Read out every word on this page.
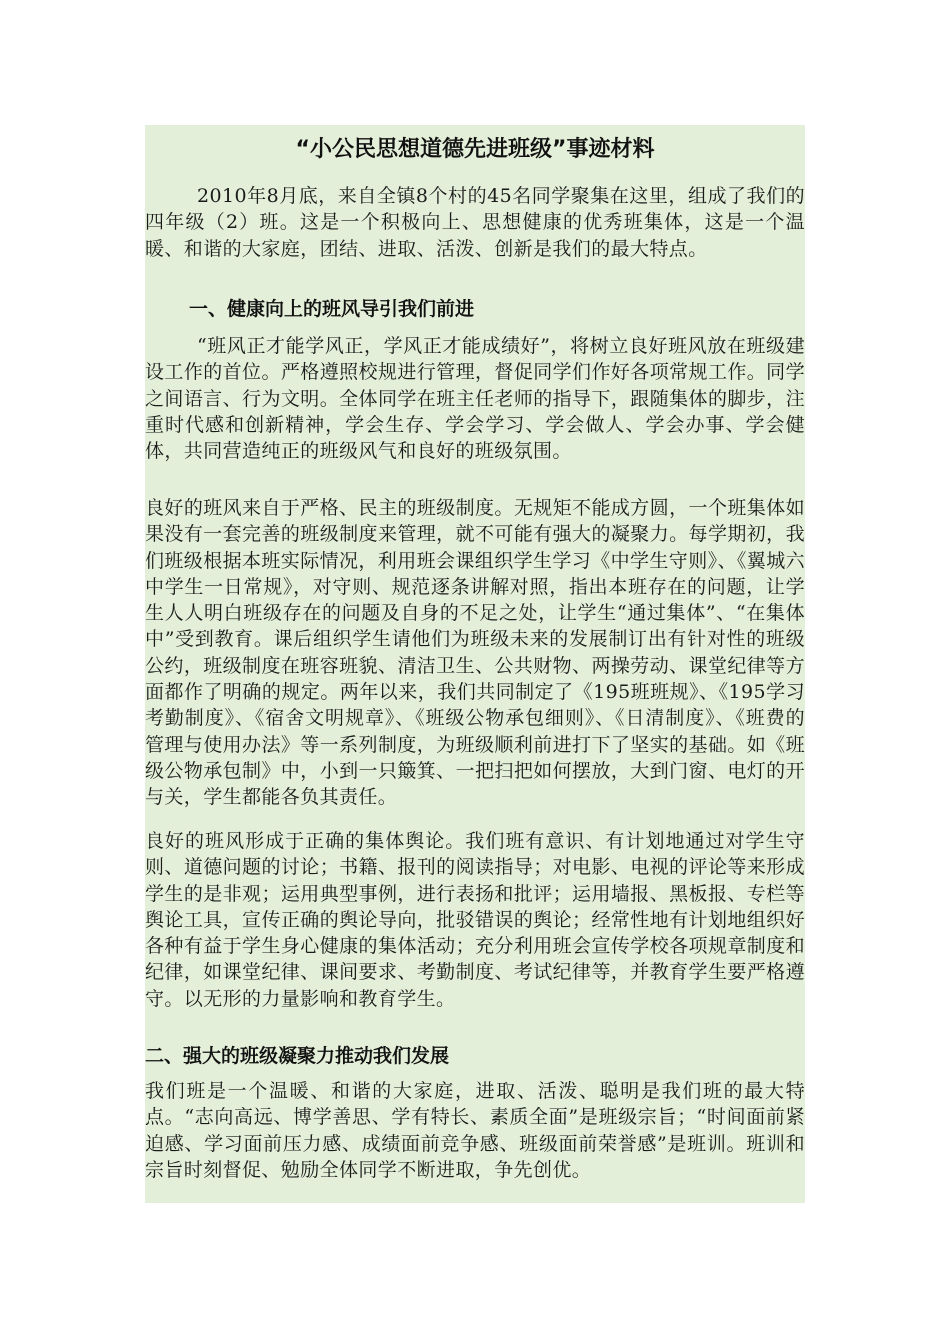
“小公民思想道德先进班级”事迹材料

2010年8月底，来自全镇8个村的45名同学聚集在这里，组成了我们的四年级（2）班。这是一个积极向上、思想健康的优秀班集体，这是一个温暖、和谐的大家庭，团结、进取、活泼、创新是我们的最大特点。

一、健康向上的班风导引我们前进

“班风正才能学风正，学风正才能成绩好”，将树立良好班风放在班级建设工作的首位。严格遵照校规进行管理，督促同学们作好各项常规工作。同学之间语言、行为文明。全体同学在班主任老师的指导下，跟随集体的脚步，注重时代感和创新精神，学会生存、学会学习、学会做人、学会办事、学会健体，共同营造纯正的班级风气和良好的班级氛围。

良好的班风来自于严格、民主的班级制度。无规矩不能成方圆，一个班集体如果没有一套完善的班级制度来管理，就不可能有强大的凝聚力。每学期初，我们班级根据本班实际情况，利用班会课组织学生学习《中学生守则》、《翼城六中学生一日常规》，对守则、规范逐条讲解对照，指出本班存在的问题，让学生人人明白班级存在的问题及自身的不足之处，让学生“通过集体”、“在集体中”受到教育。课后组织学生请他们为班级未来的发展制订出有针对性的班级公约，班级制度在班容班貌、清洁卫生、公共财物、两操劳动、课堂纪律等方面都作了明确的规定。两年以来，我们共同制定了《195班班规》、《195学习考勤制度》、《宿舍文明规章》、《班级公物承包细则》、《日清制度》、《班费的管理与使用办法》等一系列制度，为班级顺利前进打下了坚实的基础。如《班级公物承包制》中，小到一只簸箕、一把扫把如何摆放，大到门窗、电灯的开与关，学生都能各负其责任。

良好的班风形成于正确的集体舆论。我们班有意识、有计划地通过对学生守则、道德问题的讨论；书籍、报刊的阅读指导；对电影、电视的评论等来形成学生的是非观；运用典型事例，进行表扬和批评；运用墙报、黑板报、专栏等舆论工具，宣传正确的舆论导向，批驳错误的舆论；经常性地有计划地组织好各种有益于学生身心健康的集体活动；充分利用班会宣传学校各项规章制度和纪律，如课堂纪律、课间要求、考勤制度、考试纪律等，并教育学生要严格遵守。以无形的力量影响和教育学生。

二、强大的班级凝聚力推动我们发展

我们班是一个温暖、和谐的大家庭，进取、活泼、聪明是我们班的最大特点。“志向高远、博学善思、学有特长、素质全面”是班级宗旨；“时间面前紧迫感、学习面前压力感、成绩面前竞争感、班级面前荣誉感”是班训。班训和宗旨时刻督促、勉励全体同学不断进取，争先创优。
